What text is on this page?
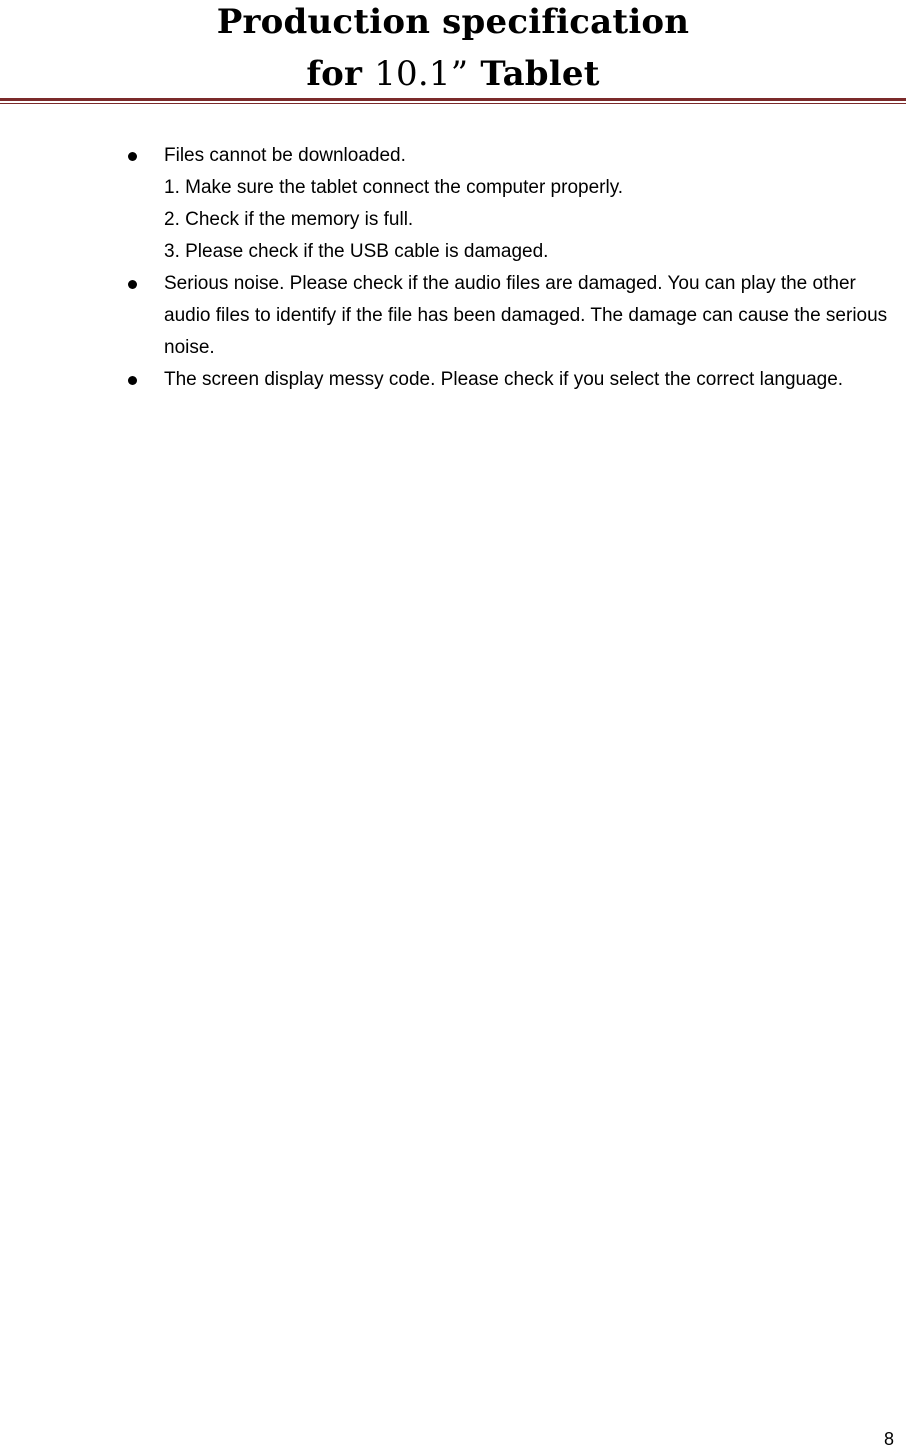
Production specification
for 10.1” Tablet
Files cannot be downloaded.
1. Make sure the tablet connect the computer properly.
2. Check if the memory is full.
3. Please check if the USB cable is damaged.
Serious noise. Please check if the audio files are damaged. You can play the other audio files to identify if the file has been damaged. The damage can cause the serious noise.
The screen display messy code. Please check if you select the correct language.
8
